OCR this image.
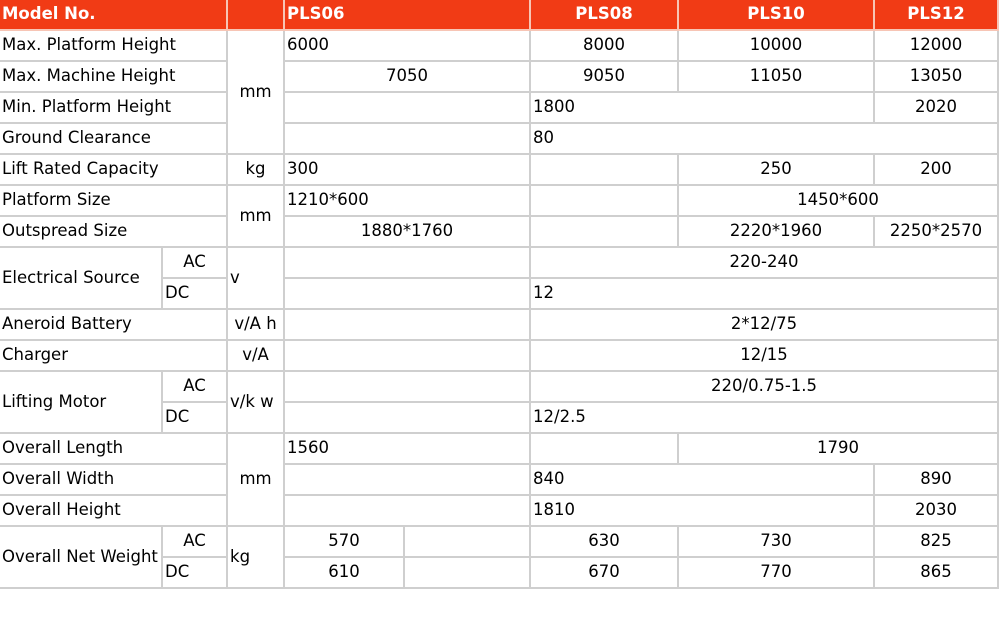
Model No.			PLS06		PLS08	PLS10	PLS12
Max. Platform Height		mm	6000		8000	10000	12000
Max. Machine Height			7050		9050	11050	13050
Min. Platform Height					1800		2020
Ground Clearance					80		
Lift Rated Capacity		kg	300			250	200
Platform Size		mm	1210*600			1450*600	
Outspread Size			1880*1760			2220*1960	2250*2570
Electrical Source	AC	v			220-240		
	DC				12		
Aneroid Battery		v/A h			2*12/75		
Charger		v/A			12/15		
Lifting Motor	AC	v/k w			220/0.75-1.5		
	DC				12/2.5		
Overall Length		mm	1560			1790	
Overall Width					840		890
Overall Height					1810		2030
Overall Net Weight	AC	kg	570		630	730	825
	DC		610		670	770	865
